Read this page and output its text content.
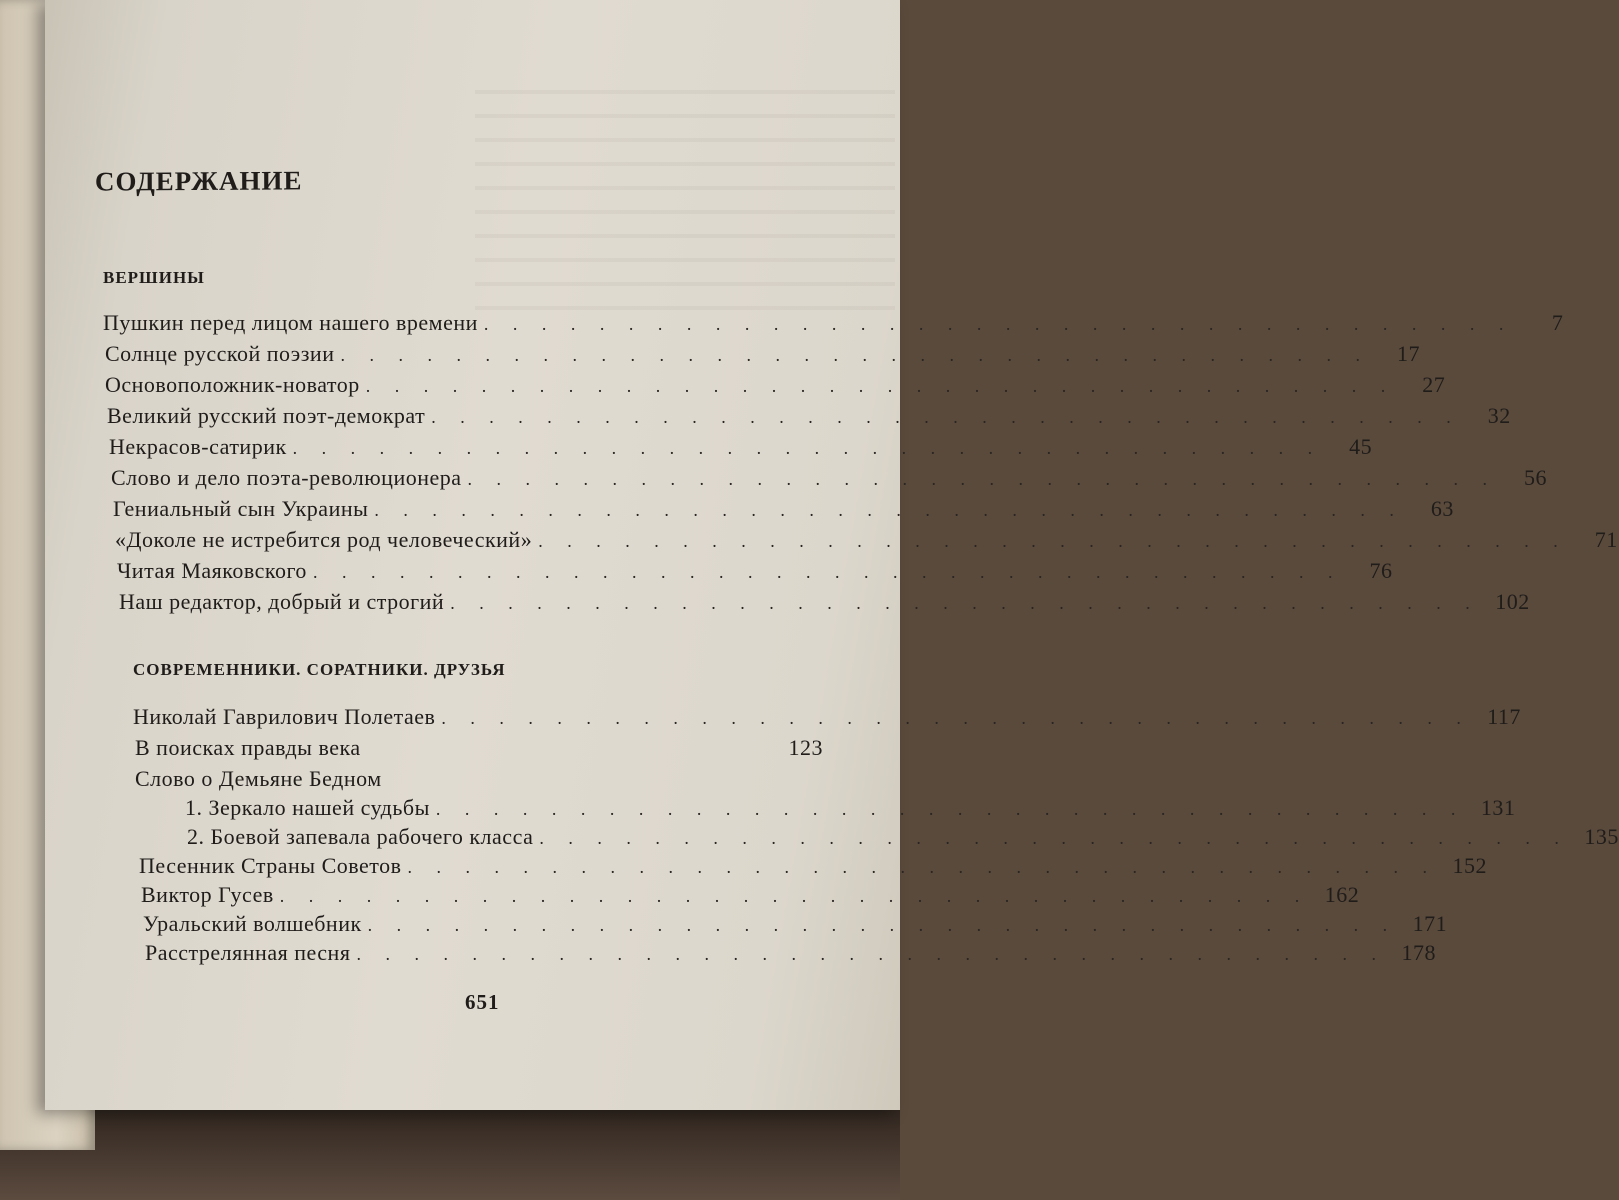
СОДЕРЖАНИЕ
ВЕРШИНЫ
СОВРЕМЕННИКИ. СОРАТНИКИ. ДРУЗЬЯ
Пушкин перед лицом нашего времени . . . . . . . . . . . . . . . . . . . . . . . . . . . . . . . . . . . .	7
Солнце русской поэзии . . . . . . . . . . . . . . . . . . . . . . . . . . . . . . . . . . . .	17
Основоположник-новатор . . . . . . . . . . . . . . . . . . . . . . . . . . . . . . . . . . . .	27
Великий русский поэт-демократ . . . . . . . . . . . . . . . . . . . . . . . . . . . . . . . . . . . .	32
Некрасов-сатирик . . . . . . . . . . . . . . . . . . . . . . . . . . . . . . . . . . . .	45
Слово и дело поэта-революционера . . . . . . . . . . . . . . . . . . . . . . . . . . . . . . . . . . . .	56
Гениальный сын Украины . . . . . . . . . . . . . . . . . . . . . . . . . . . . . . . . . . . .	63
«Доколе не истребится род человеческий» . . . . . . . . . . . . . . . . . . . . . . . . . . . . . . . . . . . .	71
Читая Маяковского . . . . . . . . . . . . . . . . . . . . . . . . . . . . . . . . . . . .	76
Наш редактор, добрый и строгий . . . . . . . . . . . . . . . . . . . . . . . . . . . . . . . . . . . . 102
Николай Гаврилович Полетаев . . . . . . . . . . . . . . . . . . . . . . . . . . . . . . . . . . . . 117
В поисках правды века	123
Слово о Демьяне Бедном
1. Зеркало нашей судьбы . . . . . . . . . . . . . . . . . . . . . . . . . . . . . . . . . . . . 131
2. Боевой запевала рабочего класса . . . . . . . . . . . . . . . . . . . . . . . . . . . . . . . . . . . . 135
Песенник Страны Советов . . . . . . . . . . . . . . . . . . . . . . . . . . . . . . . . . . . . 152
Виктор Гусев . . . . . . . . . . . . . . . . . . . . . . . . . . . . . . . . . . . . 162
Уральский волшебник . . . . . . . . . . . . . . . . . . . . . . . . . . . . . . . . . . . . 171
Расстрелянная песня . . . . . . . . . . . . . . . . . . . . . . . . . . . . . . . . . . . . 178
651
